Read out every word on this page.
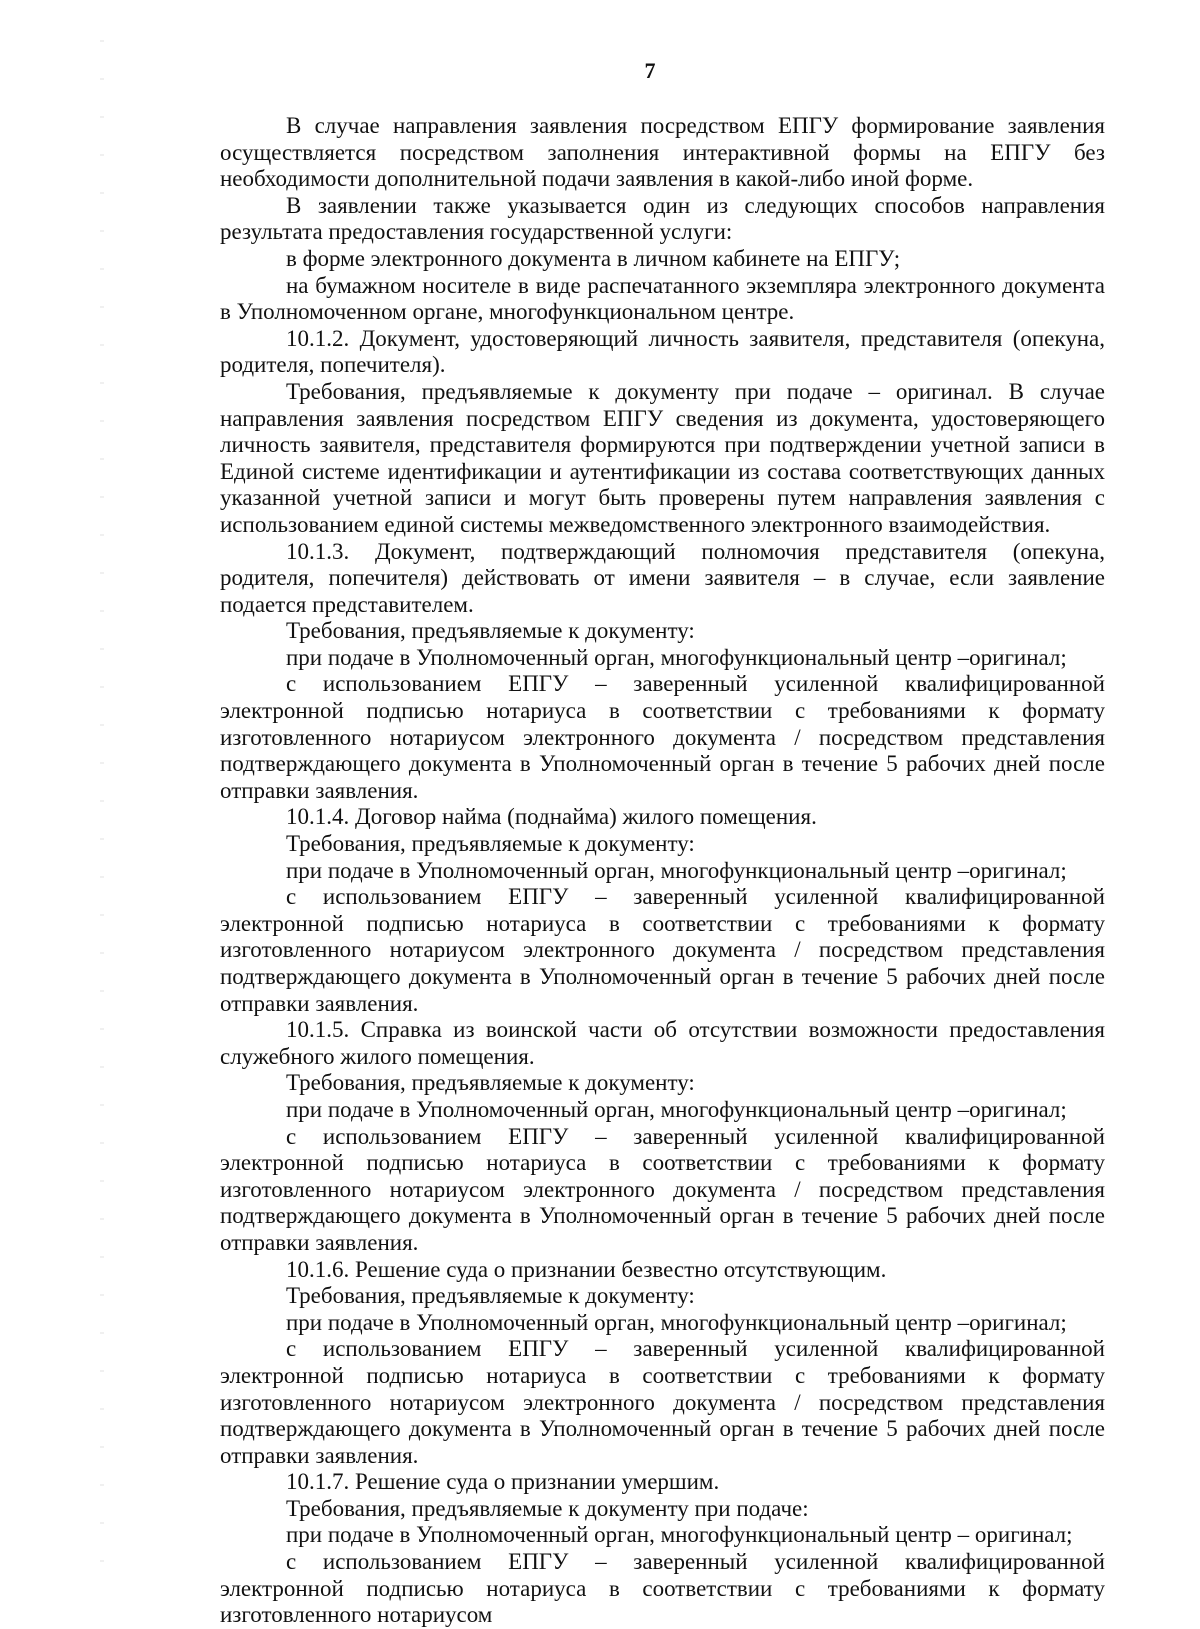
7

В случае направления заявления посредством ЕПГУ формирование заявления осуществляется посредством заполнения интерактивной формы на ЕПГУ без необходимости дополнительной подачи заявления в какой-либо иной форме.

В заявлении также указывается один из следующих способов направления результата предоставления государственной услуги:

в форме электронного документа в личном кабинете на ЕПГУ;

на бумажном носителе в виде распечатанного экземпляра электронного документа в Уполномоченном органе, многофункциональном центре.

10.1.2. Документ, удостоверяющий личность заявителя, представителя (опекуна, родителя, попечителя).

Требования, предъявляемые к документу при подаче – оригинал. В случае направления заявления посредством ЕПГУ сведения из документа, удостоверяющего личность заявителя, представителя формируются при подтверждении учетной записи в Единой системе идентификации и аутентификации из состава соответствующих данных указанной учетной записи и могут быть проверены путем направления заявления с использованием единой системы межведомственного электронного взаимодействия.

10.1.3. Документ, подтверждающий полномочия представителя (опекуна, родителя, попечителя) действовать от имени заявителя – в случае, если заявление подается представителем.

Требования, предъявляемые к документу:

при подаче в Уполномоченный орган, многофункциональный центр –оригинал;

с использованием ЕПГУ – заверенный усиленной квалифицированной электронной подписью нотариуса в соответствии с требованиями к формату изготовленного нотариусом электронного документа / посредством представления подтверждающего документа в Уполномоченный орган в течение 5 рабочих дней после отправки заявления.

10.1.4. Договор найма (поднайма) жилого помещения.

Требования, предъявляемые к документу:

при подаче в Уполномоченный орган, многофункциональный центр –оригинал;

с использованием ЕПГУ – заверенный усиленной квалифицированной электронной подписью нотариуса в соответствии с требованиями к формату изготовленного нотариусом электронного документа / посредством представления подтверждающего документа в Уполномоченный орган в течение 5 рабочих дней после отправки заявления.

10.1.5. Справка из воинской части об отсутствии возможности предоставления служебного жилого помещения.

Требования, предъявляемые к документу:

при подаче в Уполномоченный орган, многофункциональный центр –оригинал;

с использованием ЕПГУ – заверенный усиленной квалифицированной электронной подписью нотариуса в соответствии с требованиями к формату изготовленного нотариусом электронного документа / посредством представления подтверждающего документа в Уполномоченный орган в течение 5 рабочих дней после отправки заявления.

10.1.6. Решение суда о признании безвестно отсутствующим.

Требования, предъявляемые к документу:

при подаче в Уполномоченный орган, многофункциональный центр –оригинал;

с использованием ЕПГУ – заверенный усиленной квалифицированной электронной подписью нотариуса в соответствии с требованиями к формату изготовленного нотариусом электронного документа / посредством представления подтверждающего документа в Уполномоченный орган в течение 5 рабочих дней после отправки заявления.

10.1.7. Решение суда о признании умершим.

Требования, предъявляемые к документу при подаче:

при подаче в Уполномоченный орган, многофункциональный центр – оригинал;

с использованием ЕПГУ – заверенный усиленной квалифицированной электронной подписью нотариуса в соответствии с требованиями к формату изготовленного нотариусом
